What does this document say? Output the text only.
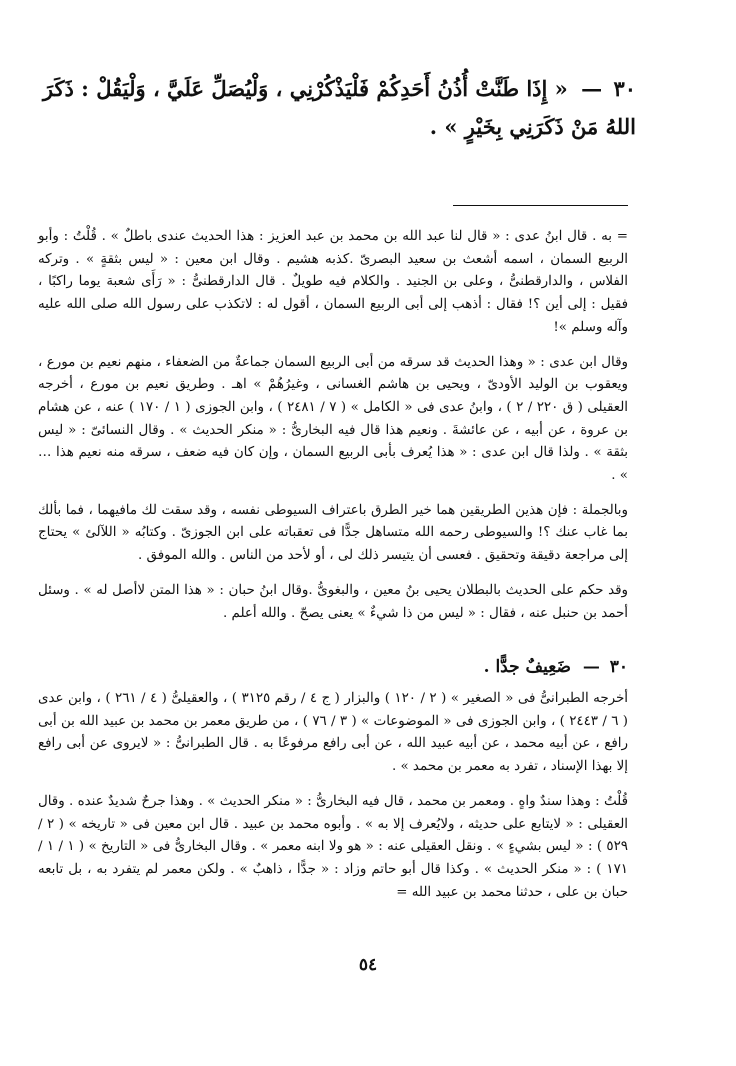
٣٠ — « إِذَا طَنَّتْ أُذُنُ أَحَدِكُمْ فَلْيَذْكُرْنِي ، وَلْيُصَلِّ عَلَيَّ ، وَلْيَقُلْ : ذَكَرَ اللهُ مَنْ ذَكَرَنِي بِخَيْرٍ » .

= به . قال ابنُ عدى : « قال لنا عبد الله بن محمد بن عبد العزيز : هذا الحديث عندى باطلٌ » . قُلْتُ : وأبو الربيع السمان ، اسمه أشعث بن سعيد البصرىّ .كذبه هشيم . وقال ابن معين : « ليس بثقةٍ » . وتركه الفلاس ، والدارقطنىُّ ، وعلى بن الجنيد . والكلام فيه طويلٌ . قال الدارقطنىُّ : « رَأَى شعبة يوما راكبًا ، فقيل : إلى أين ؟! فقال : أذهب إلى أبى الربيع السمان ، أقول له : لاتكذب على رسول الله صلى الله عليه وآله وسلم »!

وقال ابن عدى : « وهذا الحديث قد سرقه من أبى الربيع السمان جماعةٌ من الضعفاء ، منهم نعيم بن مورع ، ويعقوب بن الوليد الأودىّ ، ويحيى بن هاشم الغسانى ، وغيرُهُمْ » اهـ . وطريق نعيم بن مورع ، أخرجه العقيلى ( ق ٢٢٠ / ٢ ) ، وابنُ عدى فى « الكامل » ( ٧ / ٢٤٨١ ) ، وابن الجوزى ( ١ / ١٧٠ ) عنه ، عن هشام بن عروة ، عن أبيه ، عن عائشةَ . ونعيم هذا قال فيه البخارىُّ : « منكر الحديث » . وقال النسائىّ : « ليس بثقة » . ولذا قال ابن عدى : « هذا يُعرف بأبى الربيع السمان ، وإن كان فيه ضعف ، سرقه منه نعيم هذا … » .

وبالجملة : فإن هذين الطريقين هما خير الطرق باعتراف السيوطى نفسه ، وقد سقت لك مافيهما ، فما بألك بما غاب عنك ؟! والسيوطى رحمه الله متساهل جدًّا فى تعقباته على ابن الجوزىّ . وكتابُه « اللآلئ » يحتاج إلى مراجعة دقيقة وتحقيق . فعسى أن يتيسر ذلك لى ، أو لأحد من الناس . والله الموفق .

وقد حكم على الحديث بالبطلان يحيى بنُ معين ، والبغوىُّ .وقال ابنُ حبان : « هذا المتن لاأصل له » . وسئل أحمد بن حنبل عنه ، فقال : « ليس من ذا شيءٌ » يعنى يصحّ . والله أعلم .

٣٠ — ضَعِيفٌ جدًّا .

أخرجه الطبرانىُّ فى « الصغير » ( ٢ / ١٢٠ ) والبزار ( ج ٤ / رقم ٣١٢٥ ) ، والعقيلىُّ ( ٤ / ٢٦١ ) ، وابن عدى ( ٦ / ٢٤٤٣ ) ، وابن الجوزى فى « الموضوعات » ( ٣ / ٧٦ ) ، من طريق معمر بن محمد بن عبيد الله بن أبى رافع ، عن أبيه محمد ، عن أبيه عبيد الله ، عن أبى رافع مرفوعًا به . قال الطبرانىُّ : « لايروى عن أبى رافع إلا بهذا الإسناد ، تفرد به معمر بن محمد » .

قُلْتُ : وهذا سندٌ واهٍ . ومعمر بن محمد ، قال فيه البخارىُّ : « منكر الحديث » . وهذا جرحٌ شديدٌ عنده . وقال العقيلى : « لايتابع على حديثه ، ولايُعرف إلا به » . وأبوه محمد بن عبيد . قال ابن معين فى « تاريخه » ( ٢ / ٥٢٩ ) : « ليس بشيءٍ » . ونقل العقيلى عنه : « هو ولا ابنه معمر » . وقال البخارىُّ فى « التاريخ » ( ١ / ١ / ١٧١ ) : « منكر الحديث » . وكذا قال أبو حاتم وزاد : « جدًّا ، ذاهبٌ » . ولكن معمر لم يتفرد به ، بل تابعه حبان بن على ، حدثنا محمد بن عبيد الله =

٥٤
